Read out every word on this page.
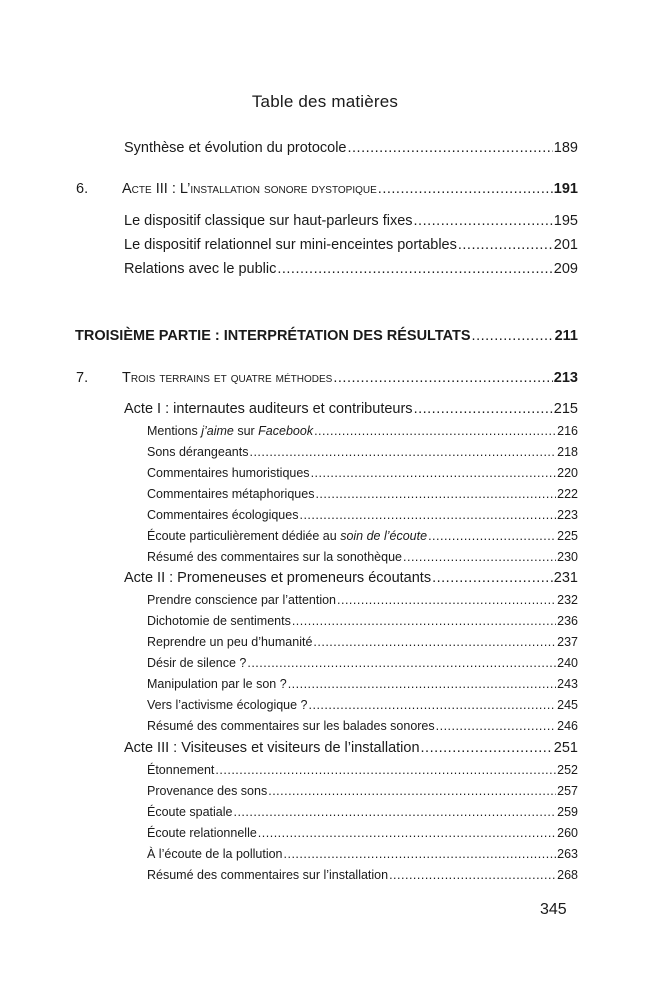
Table des matières
Synthèse et évolution du protocole .....	189
6. Acte III : L’installation sonore dystopique .....	191
Le dispositif classique sur haut-parleurs fixes .....	195
Le dispositif relationnel sur mini-enceintes portables .....	201
Relations avec le public .....	209
TROISIÈME PARTIE : INTERPRÉTATION DES RÉSULTATS .....	211
7. Trois terrains et quatre méthodes .....	213
Acte I : internautes auditeurs et contributeurs .....	215
Mentions j’aime sur Facebook .....	216
Sons dérangeants .....	218
Commentaires humoristiques .....	220
Commentaires métaphoriques .....	222
Commentaires écologiques .....	223
Écoute particulièrement dédiée au soin de l’écoute .....	225
Résumé des commentaires sur la sonothèque .....	230
Acte II : Promeneuses et promeneurs écoutants .....	231
Prendre conscience par l’attention .....	232
Dichotomie de sentiments .....	236
Reprendre un peu d’humanité .....	237
Désir de silence ? .....	240
Manipulation par le son ? .....	243
Vers l’activisme écologique ? .....	245
Résumé des commentaires sur les balades sonores .....	246
Acte III : Visiteuses et visiteurs de l’installation .....	251
Étonnement .....	252
Provenance des sons .....	257
Écoute spatiale .....	259
Écoute relationnelle .....	260
À l’écoute de la pollution .....	263
Résumé des commentaires sur l’installation .....	268
345
